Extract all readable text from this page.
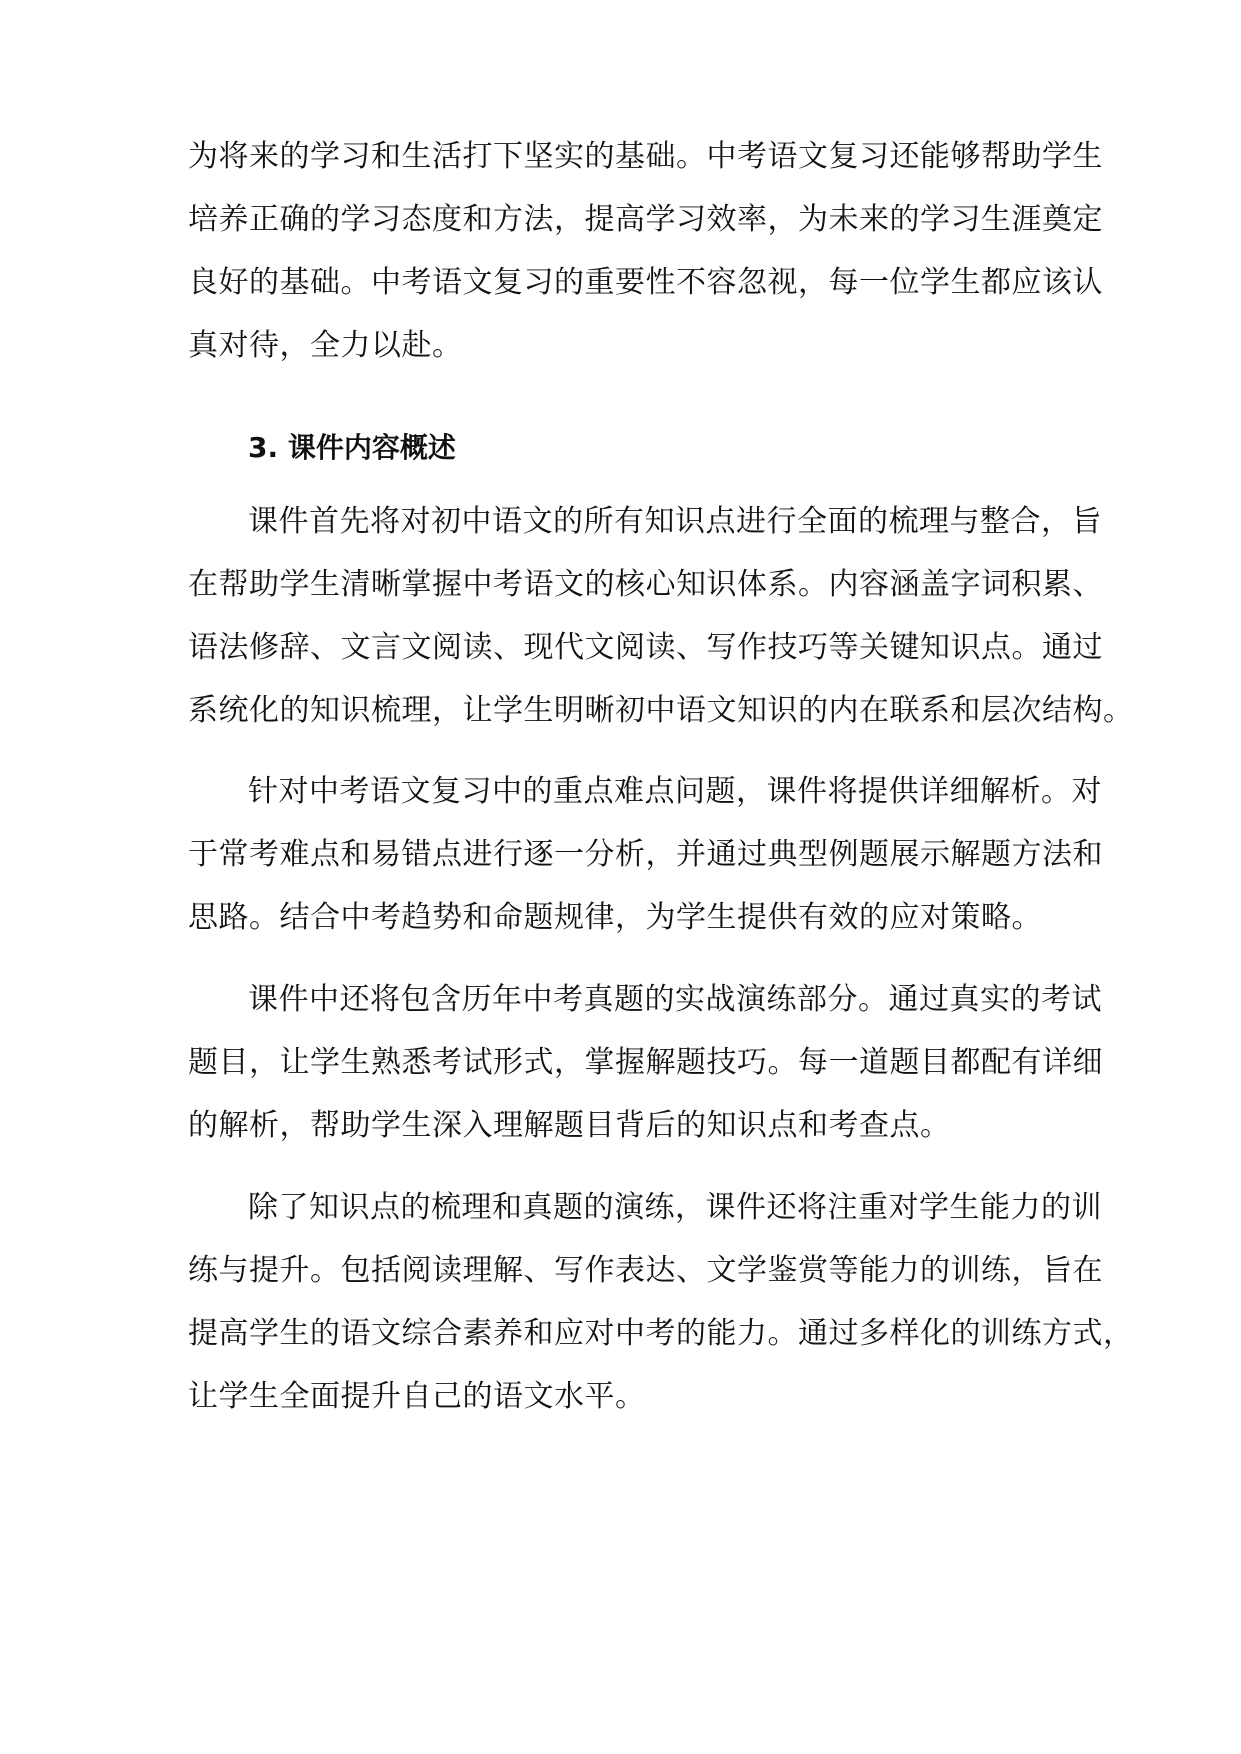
为将来的学习和生活打下坚实的基础。中考语文复习还能够帮助学生
培养正确的学习态度和方法，提高学习效率，为未来的学习生涯奠定
良好的基础。中考语文复习的重要性不容忽视，每一位学生都应该认
真对待，全力以赴。
3. 课件内容概述
课件首先将对初中语文的所有知识点进行全面的梳理与整合，旨
在帮助学生清晰掌握中考语文的核心知识体系。内容涵盖字词积累、
语法修辞、文言文阅读、现代文阅读、写作技巧等关键知识点。通过
系统化的知识梳理，让学生明晰初中语文知识的内在联系和层次结构。
针对中考语文复习中的重点难点问题，课件将提供详细解析。对
于常考难点和易错点进行逐一分析，并通过典型例题展示解题方法和
思路。结合中考趋势和命题规律，为学生提供有效的应对策略。
课件中还将包含历年中考真题的实战演练部分。通过真实的考试
题目，让学生熟悉考试形式，掌握解题技巧。每一道题目都配有详细
的解析，帮助学生深入理解题目背后的知识点和考查点。
除了知识点的梳理和真题的演练，课件还将注重对学生能力的训
练与提升。包括阅读理解、写作表达、文学鉴赏等能力的训练，旨在
提高学生的语文综合素养和应对中考的能力。通过多样化的训练方式，
让学生全面提升自己的语文水平。
